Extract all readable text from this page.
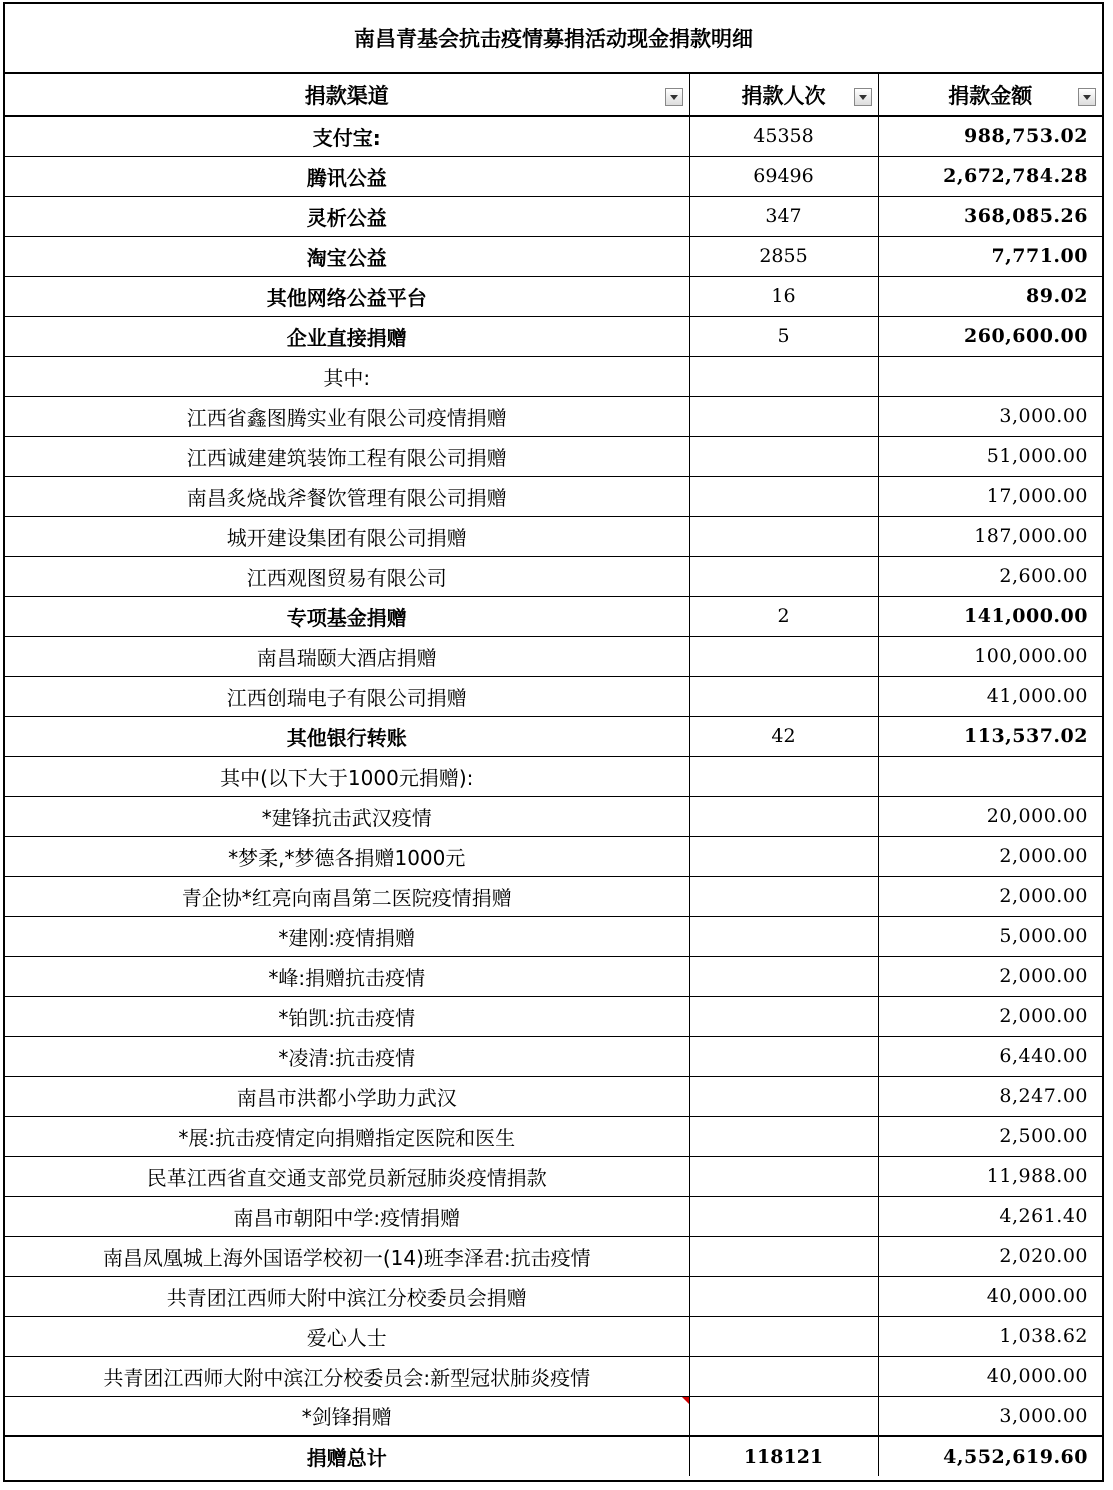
南昌青基会抗击疫情募捐活动现金捐款明细
捐款渠道	捐款人次	捐款金额

支付宝:	45358	988,753.02
腾讯公益	69496	2,672,784.28
灵析公益	347	368,085.26
淘宝公益	2855	7,771.00
其他网络公益平台	16	89.02
企业直接捐赠	5	260,600.00
其中:		
江西省鑫图腾实业有限公司疫情捐赠		3,000.00
江西诚建建筑装饰工程有限公司捐赠		51,000.00
南昌炙烧战斧餐饮管理有限公司捐赠		17,000.00
城开建设集团有限公司捐赠		187,000.00
江西观图贸易有限公司		2,600.00
专项基金捐赠	2	141,000.00
南昌瑞颐大酒店捐赠		100,000.00
江西创瑞电子有限公司捐赠		41,000.00
其他银行转账	42	113,537.02
其中(以下大于1000元捐赠):		
*建锋抗击武汉疫情		20,000.00
*梦柔,*梦德各捐赠1000元		2,000.00
青企协*红亮向南昌第二医院疫情捐赠		2,000.00
*建刚:疫情捐赠		5,000.00
*峰:捐赠抗击疫情		2,000.00
*铂凯:抗击疫情		2,000.00
*凌清:抗击疫情		6,440.00
南昌市洪都小学助力武汉		8,247.00
*展:抗击疫情定向捐赠指定医院和医生		2,500.00
民革江西省直交通支部党员新冠肺炎疫情捐款		11,988.00
南昌市朝阳中学:疫情捐赠		4,261.40
南昌凤凰城上海外国语学校初一(14)班李泽君:抗击疫情		2,020.00
共青团江西师大附中滨江分校委员会捐赠		40,000.00
爱心人士		1,038.62
共青团江西师大附中滨江分校委员会:新型冠状肺炎疫情		40,000.00
*剑锋捐赠		3,000.00
捐赠总计	118121	4,552,619.60
